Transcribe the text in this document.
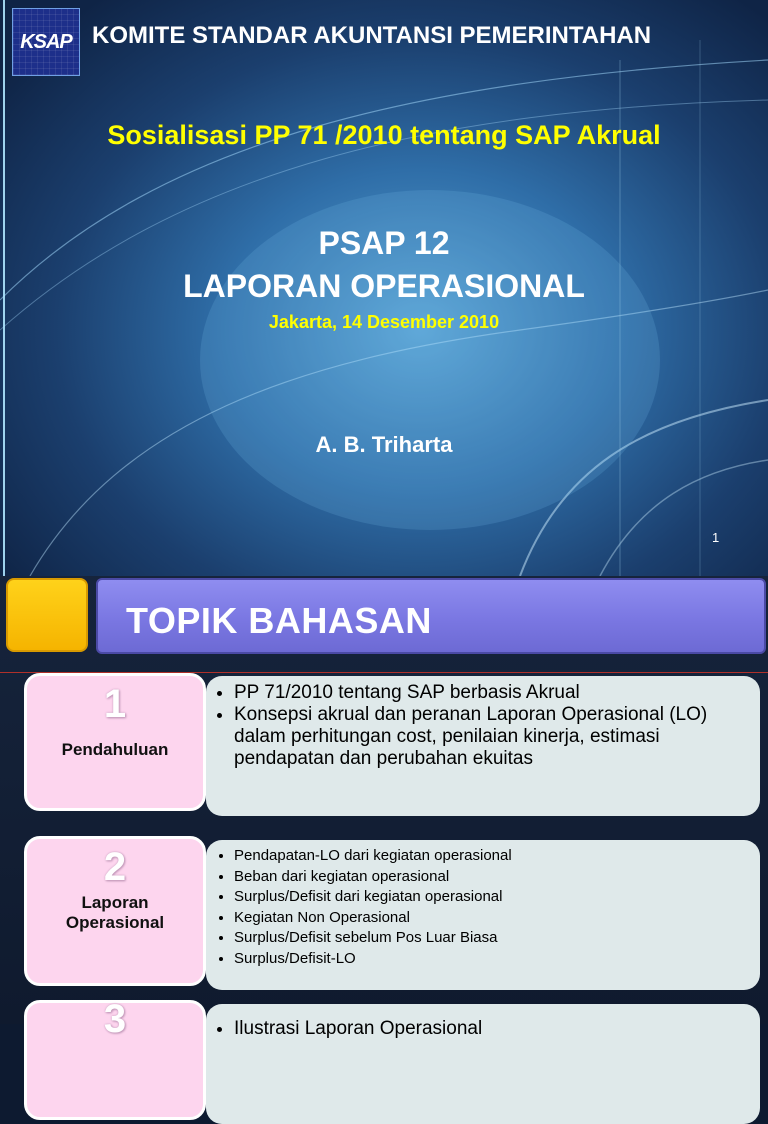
KSAP KOMITE STANDAR AKUNTANSI PEMERINTAHAN
Sosialisasi PP 71 /2010 tentang SAP Akrual
PSAP 12
LAPORAN OPERASIONAL
Jakarta, 14 Desember 2010
A. B. Triharta
1
TOPIK BAHASAN
1
Pendahuluan
• PP 71/2010 tentang SAP berbasis Akrual
• Konsepsi akrual dan peranan Laporan Operasional (LO) dalam perhitungan cost, penilaian kinerja, estimasi pendapatan dan perubahan ekuitas
2
Laporan Operasional
• Pendapatan-LO dari kegiatan operasional
• Beban dari kegiatan operasional
• Surplus/Defisit dari kegiatan operasional
• Kegiatan Non Operasional
• Surplus/Defisit sebelum Pos Luar Biasa
• Surplus/Defisit-LO
3
•	Ilustrasi Laporan Operasional
